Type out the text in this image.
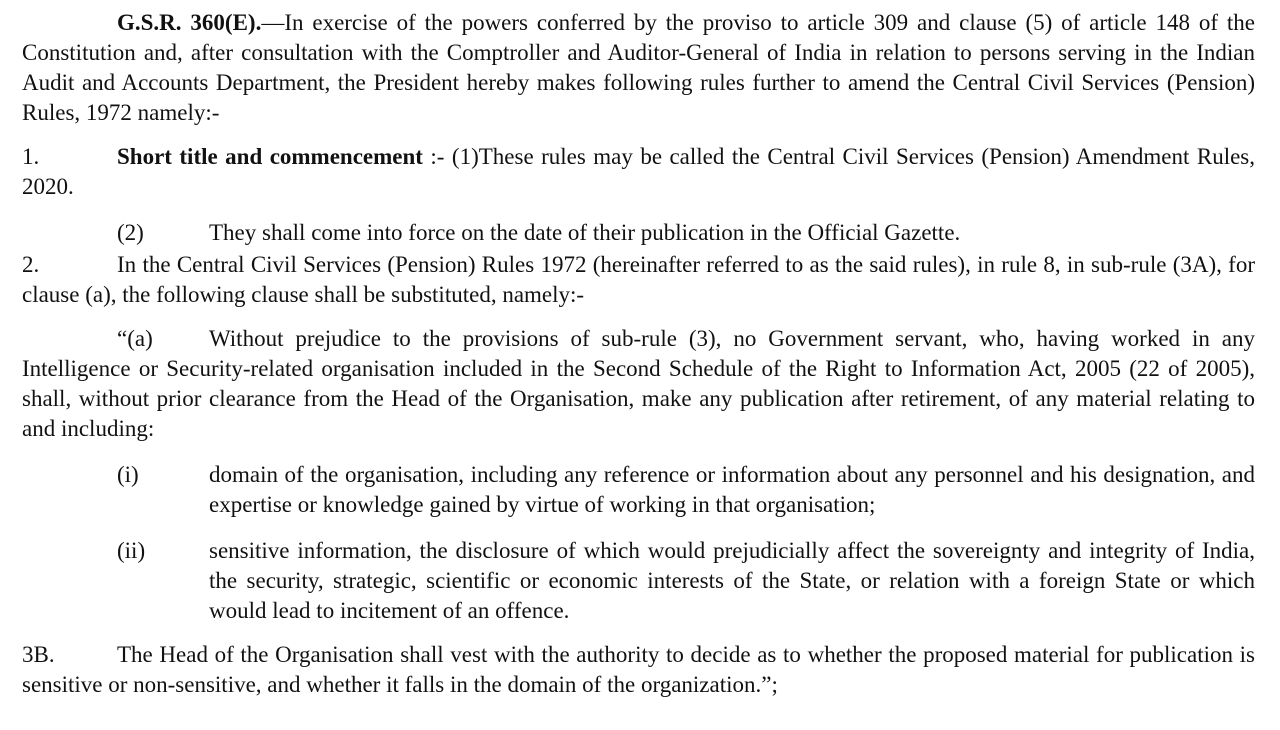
G.S.R. 360(E).—In exercise of the powers conferred by the proviso to article 309 and clause (5) of article 148 of the Constitution and, after consultation with the Comptroller and Auditor-General of India in relation to persons serving in the Indian Audit and Accounts Department, the President hereby makes following rules further to amend the Central Civil Services (Pension) Rules, 1972 namely:-

1.	Short title and commencement :- (1)These rules may be called the Central Civil Services (Pension) Amendment Rules, 2020.

(2)	They shall come into force on the date of their publication in the Official Gazette.

2.	In the Central Civil Services (Pension) Rules 1972 (hereinafter referred to as the said rules), in rule 8, in sub-rule (3A), for clause (a), the following clause shall be substituted, namely:-

“(a) Without prejudice to the provisions of sub-rule (3), no Government servant, who, having worked in any Intelligence or Security-related organisation included in the Second Schedule of the Right to Information Act, 2005 (22 of 2005), shall, without prior clearance from the Head of the Organisation, make any publication after retirement, of any material relating to and including:

(i)	domain of the organisation, including any reference or information about any personnel and his designation, and expertise or knowledge gained by virtue of working in that organisation;
(ii)	sensitive information, the disclosure of which would prejudicially affect the sovereignty and integrity of India, the security, strategic, scientific or economic interests of the State, or relation with a foreign State or which would lead to incitement of an offence.

3B.	The Head of the Organisation shall vest with the authority to decide as to whether the proposed material for publication is sensitive or non-sensitive, and whether it falls in the domain of the organization.”;
